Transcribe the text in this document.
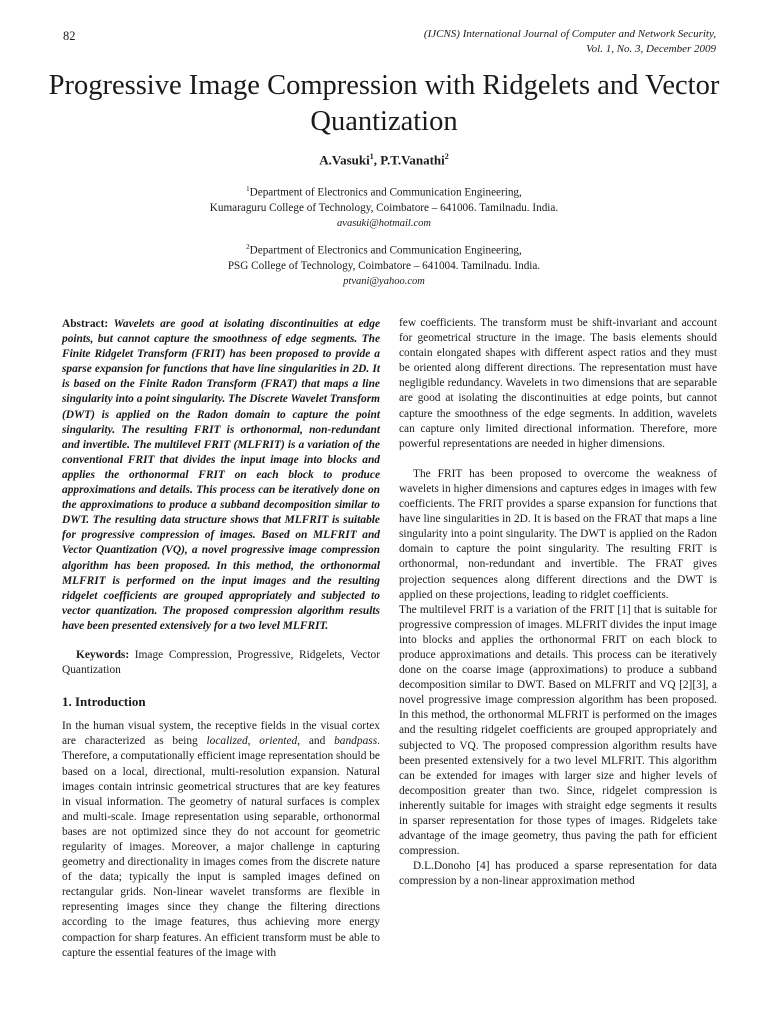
82	(IJCNS) International Journal of Computer and Network Security,
Vol. 1, No. 3, December 2009
Progressive Image Compression with Ridgelets and Vector Quantization
A.Vasuki$^1$, P.T.Vanathi$^2$
$^1$Department of Electronics and Communication Engineering,
Kumaraguru College of Technology, Coimbatore – 641006. Tamilnadu. India.
avasuki@hotmail.com
$^2$Department of Electronics and Communication Engineering,
PSG College of Technology, Coimbatore – 641004. Tamilnadu. India.
ptvani@yahoo.com

Abstract: Wavelets are good at isolating discontinuities at edge points, but cannot capture the smoothness of edge segments. The Finite Ridgelet Transform (FRIT) has been proposed to provide a sparse expansion for functions that have line singularities in 2D. It is based on the Finite Radon Transform (FRAT) that maps a line singularity into a point singularity. The Discrete Wavelet Transform (DWT) is applied on the Radon domain to capture the point singularity. The resulting FRIT is orthonormal, non-redundant and invertible. The multilevel FRIT (MLFRIT) is a variation of the conventional FRIT that divides the input image into blocks and applies the orthonormal FRIT on each block to produce approximations and details. This process can be iteratively done on the approximations to produce a subband decomposition similar to DWT. The resulting data structure shows that MLFRIT is suitable for progressive compression of images. Based on MLFRIT and Vector Quantization (VQ), a novel progressive image compression algorithm has been proposed. In this method, the orthonormal MLFRIT is performed on the input images and the resulting ridgelet coefficients are grouped appropriately and subjected to vector quantization. The proposed compression algorithm results have been presented extensively for a two level MLFRIT.

Keywords: Image Compression, Progressive, Ridgelets, Vector Quantization

1. Introduction

In the human visual system, the receptive fields in the visual cortex are characterized as being localized, oriented, and bandpass. Therefore, a computationally efficient image representation should be based on a local, directional, multi-resolution expansion. Natural images contain intrinsic geometrical structures that are key features in visual information. The geometry of natural surfaces is complex and multi-scale. Image representation using separable, orthonormal bases are not optimized since they do not account for geometric regularity of images. Moreover, a major challenge in capturing geometry and directionality in images comes from the discrete nature of the data; typically the input is sampled images defined on rectangular grids. Non-linear wavelet transforms are flexible in representing images since they change the filtering directions according to the image features, thus achieving more energy compaction for sharp features. An efficient transform must be able to capture the essential features of the image with

few coefficients. The transform must be shift-invariant and account for geometrical structure in the image. The basis elements should contain elongated shapes with different aspect ratios and they must be oriented along different directions. The representation must have negligible redundancy. Wavelets in two dimensions that are separable are good at isolating the discontinuities at edge points, but cannot capture the smoothness of the edge segments. In addition, wavelets can capture only limited directional information. Therefore, more powerful representations are needed in higher dimensions.

The FRIT has been proposed to overcome the weakness of wavelets in higher dimensions and captures edges in images with few coefficients. The FRIT provides a sparse expansion for functions that have line singularities in 2D. It is based on the FRAT that maps a line singularity into a point singularity. The DWT is applied on the Radon domain to capture the point singularity. The resulting FRIT is orthonormal, non-redundant and invertible. The FRAT gives projection sequences along different directions and the DWT is applied on these projections, leading to ridglet coefficients.

The multilevel FRIT is a variation of the FRIT [1] that is suitable for progressive compression of images. MLFRIT divides the input image into blocks and applies the orthonormal FRIT on each block to produce approximations and details. This process can be iteratively done on the coarse image (approximations) to produce a subband decomposition similar to DWT. Based on MLFRIT and VQ [2][3], a novel progressive image compression algorithm has been proposed. In this method, the orthonormal MLFRIT is performed on the images and the resulting ridgelet coefficients are grouped appropriately and subjected to VQ. The proposed compression algorithm results have been presented extensively for a two level MLFRIT. This algorithm can be extended for images with larger size and higher levels of decomposition greater than two. Since, ridgelet compression is inherently suitable for images with straight edge segments it results in sparser representation for those types of images. Ridgelets take advantage of the image geometry, thus paving the path for efficient compression.

D.L.Donoho [4] has produced a sparse representation for data compression by a non-linear approximation method
